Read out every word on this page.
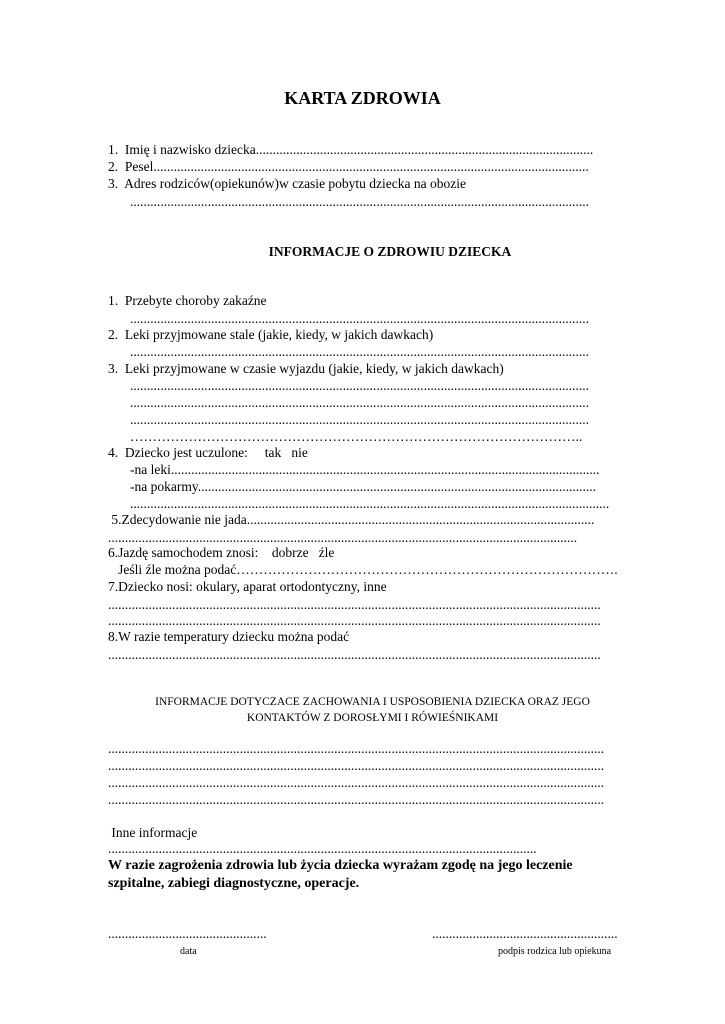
KARTA ZDROWIA
1.  Imię i nazwisko dziecka....................................................................................................
2.  Pesel.................................................................................................................................
3.  Adres rodziców(opiekunów)w czasie pobytu dziecka na obozie
........................................................................................................................................
INFORMACJE O ZDROWIU DZIECKA
1.  Przebyte choroby zakaźne
........................................................................................................................................
2.  Leki przyjmowane stale (jakie, kiedy, w jakich dawkach)
........................................................................................................................................
3.  Leki przyjmowane w czasie wyjazdu (jakie, kiedy, w jakich dawkach)
........................................................................................................................................
........................................................................................................................................
........................................................................................................................................
………………………………………………………………………………………..
4.  Dziecko jest uczulone:     tak   nie
-na leki...............................................................................................................................
-na pokarmy......................................................................................................................
..............................................................................................................................................
5.Zdecydowanie nie jada.......................................................................................................
...........................................................................................................................................
6.Jazdę samochodem znosi:    dobrze   źle
Jeśli źle można podać………………………………………………………………………….
7.Dziecko nosi: okulary, aparat ortodontyczny, inne
..................................................................................................................................................
..................................................................................................................................................
8.W razie temperatury dziecku można podać
..................................................................................................................................................
INFORMACJE DOTYCZACE ZACHOWANIA I USPOSOBIENIA DZIECKA ORAZ JEGO
KONTAKTÓW Z DOROSŁYMI I RÓWIEŚNIKAMI
...................................................................................................................................................
...................................................................................................................................................
...................................................................................................................................................
...................................................................................................................................................
Inne informacje
...............................................................................................................................
W razie zagrożenia zdrowia lub życia dziecka wyrażam zgodę na jego leczenie
szpitalne, zabiegi diagnostyczne, operacje.
...............................................
data
.......................................................
podpis rodzica lub opiekuna
